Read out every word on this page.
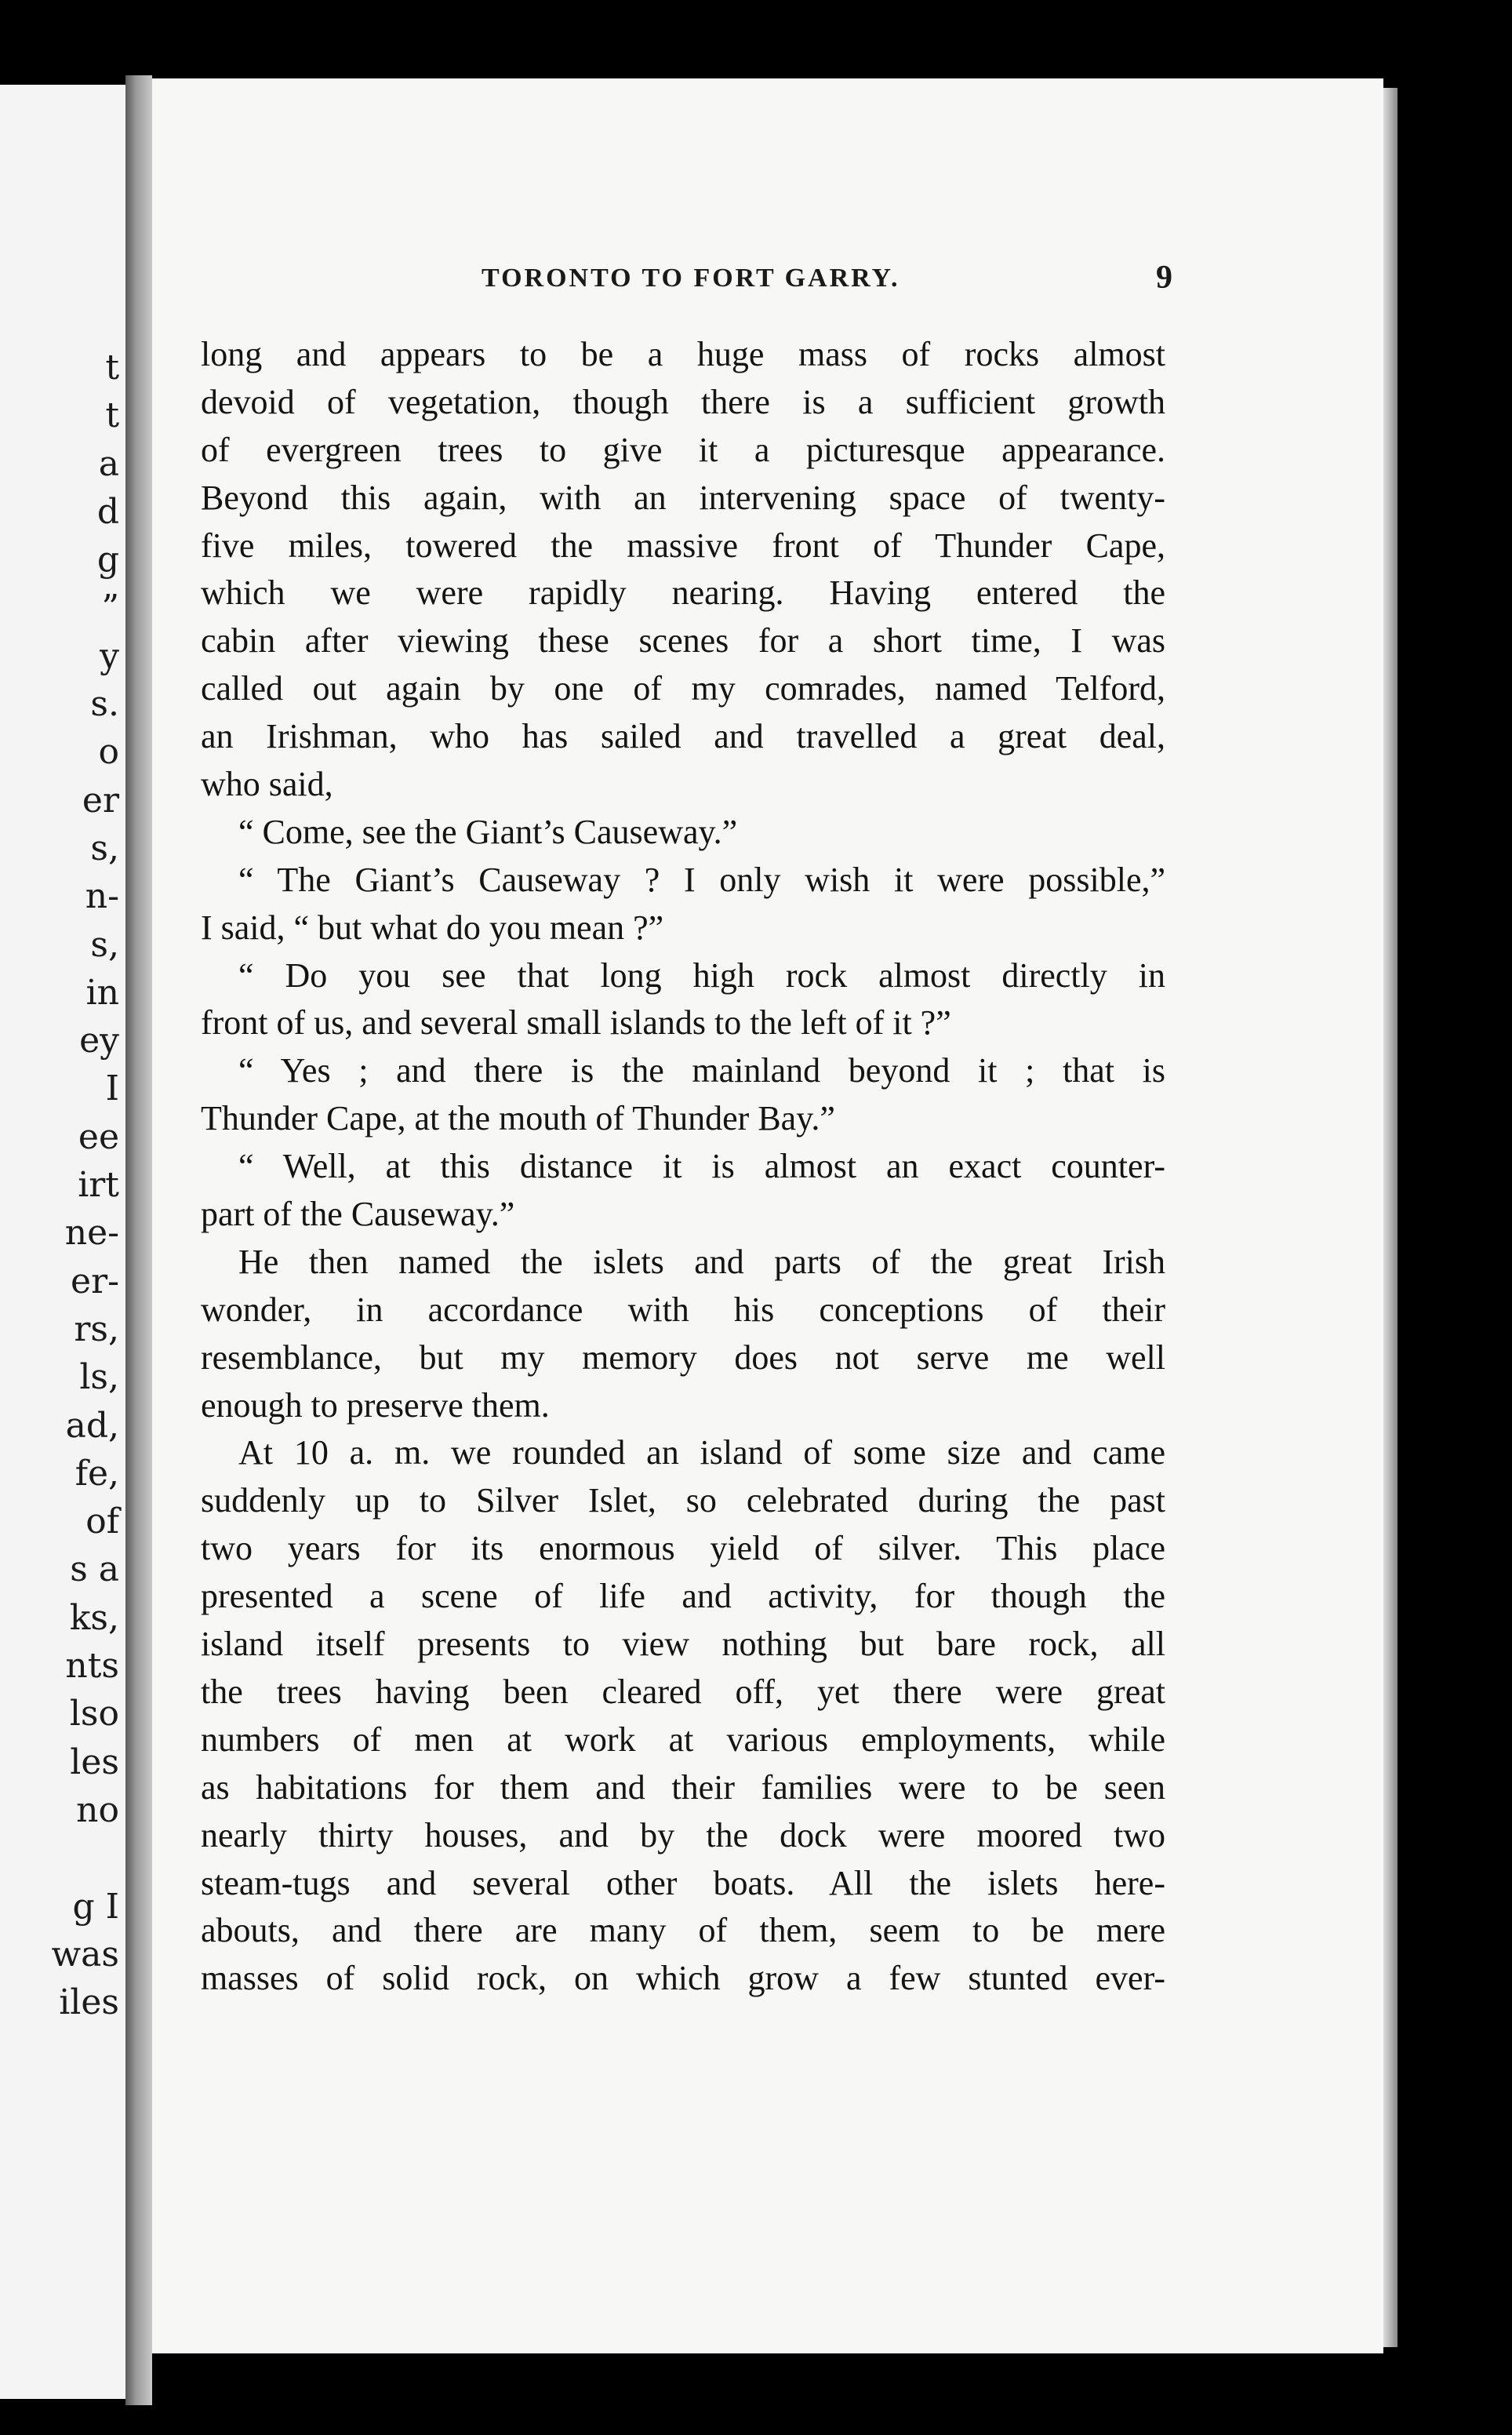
t
t
a
d
g
”
y
s.
o
er
s,
n-
s,
in
ey
I
ee
irt
ne-
er-
rs,
ls,
ad,
fe,
of
s a
ks,
nts
lso
les
no
g I
was
iles
TORONTO TO FORT GARRY.	9
long and appears to be a huge mass of rocks almost
devoid of vegetation, though there is a sufficient growth
of evergreen trees to give it a picturesque appearance.
Beyond this again, with an intervening space of twenty-
five miles, towered the massive front of Thunder Cape,
which we were rapidly nearing. Having entered the
cabin after viewing these scenes for a short time, I was
called out again by one of my comrades, named Telford,
an Irishman, who has sailed and travelled a great deal,
who said,
“ Come, see the Giant’s Causeway.”
“ The Giant’s Causeway ? I only wish it were possible,”
I said, “ but what do you mean ?”
“ Do you see that long high rock almost directly in
front of us, and several small islands to the left of it ?”
“ Yes ; and there is the mainland beyond it ; that is
Thunder Cape, at the mouth of Thunder Bay.”
“ Well, at this distance it is almost an exact counter-
part of the Causeway.”
He then named the islets and parts of the great Irish
wonder, in accordance with his conceptions of their
resemblance, but my memory does not serve me well
enough to preserve them.
At 10 a. m. we rounded an island of some size and came
suddenly up to Silver Islet, so celebrated during the past
two years for its enormous yield of silver. This place
presented a scene of life and activity, for though the
island itself presents to view nothing but bare rock, all
the trees having been cleared off, yet there were great
numbers of men at work at various employments, while
as habitations for them and their families were to be seen
nearly thirty houses, and by the dock were moored two
steam-tugs and several other boats. All the islets here-
abouts, and there are many of them, seem to be mere
masses of solid rock, on which grow a few stunted ever-
